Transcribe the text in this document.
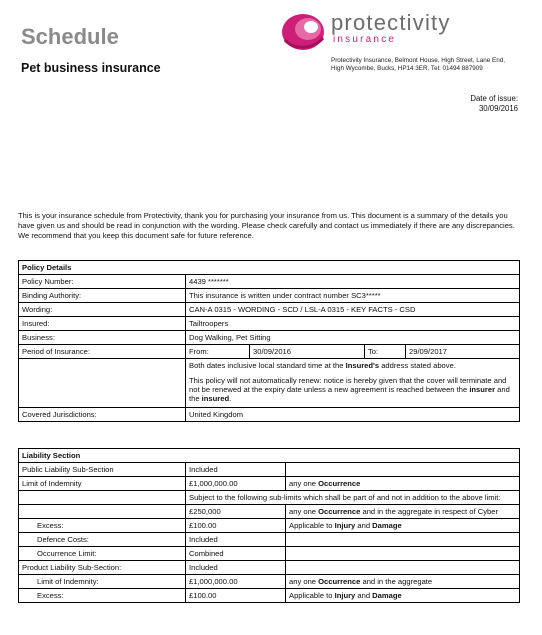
Schedule
Pet business insurance
protectivity
insurance
Protectivity Insurance, Belmont House, High Street, Lane End,
High Wycombe, Bucks, HP14 3ER. Tel: 01494 887909
Date of issue:
30/09/2016
This is your insurance schedule from Protectivity, thank you for purchasing your insurance from us. This document is a summary of the details you have given us and should be read in conjunction with the wording. Please check carefully and contact us immediately if there are any discrepancies. We recommend that you keep this document safe for future reference.
Policy Details				
Policy Number:	4439 *******			
Binding Authority:	This insurance is written under contract number SC3*****			
Wording:	CAN-A 0315 - WORDING - SCD / LSL-A 0315 - KEY FACTS - CSD			
Insured:	Tailtroopers			
Business:	Dog Walking, Pet Sitting			
Period of Insurance:	From:	30/09/2016	To:	29/09/2017

	Both dates inclusive local standard time at the Insured's address stated above.

This policy will not automatically renew: notice is hereby given that the cover will terminate and not be renewed at the expiry date unless a new agreement is reached between the insurer and the insured.			

Covered Jurisdictions:	United Kingdom			
Liability Section		
Public Liability Sub-Section	Included	
Limit of Indemnity	£1,000,000.00	any one Occurrence
	Subject to the following sub-limits which shall be part of and not in addition to the above limit:	
	£250,000	any one Occurrence and in the aggregate in respect of Cyber
Excess:	£100.00	Applicable to Injury and Damage
Defence Costs:	Included	
Occurrence Limit:	Combined	
Product Liability Sub-Section:	Included	
Limit of Indemnity:	£1,000,000.00	any one Occurrence and in the aggregate
Excess:	£100.00	Applicable to Injury and Damage
